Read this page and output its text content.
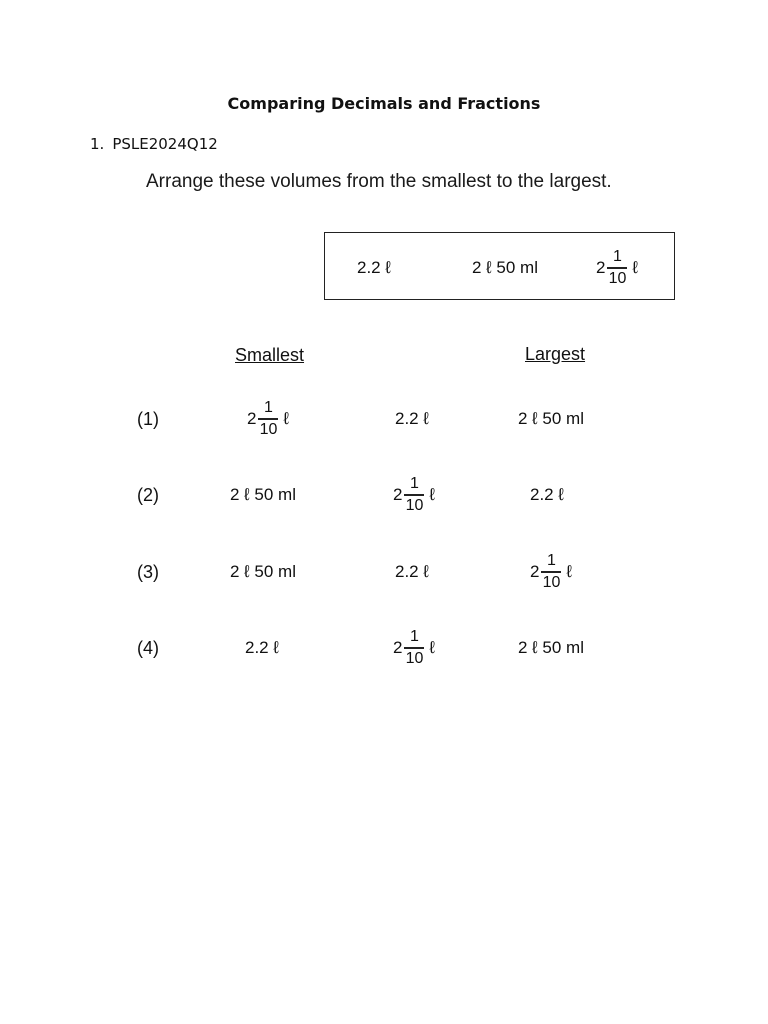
Comparing Decimals and Fractions
1. PSLE2024Q12
Arrange these volumes from the smallest to the largest.
2.2 ℓ	2 ℓ 50 ml	$2 \frac{1}{10}$ ℓ
Smallest	Largest
(1)	$2 \frac{1}{10}$ ℓ	2.2 ℓ	2 ℓ 50 ml
(2)	2 ℓ 50 ml	$2 \frac{1}{10}$ ℓ	2.2 ℓ
(3)	2 ℓ 50 ml	2.2 ℓ	$2 \frac{1}{10}$ ℓ
(4)	2.2 ℓ	$2 \frac{1}{10}$ ℓ	2 ℓ 50 ml
